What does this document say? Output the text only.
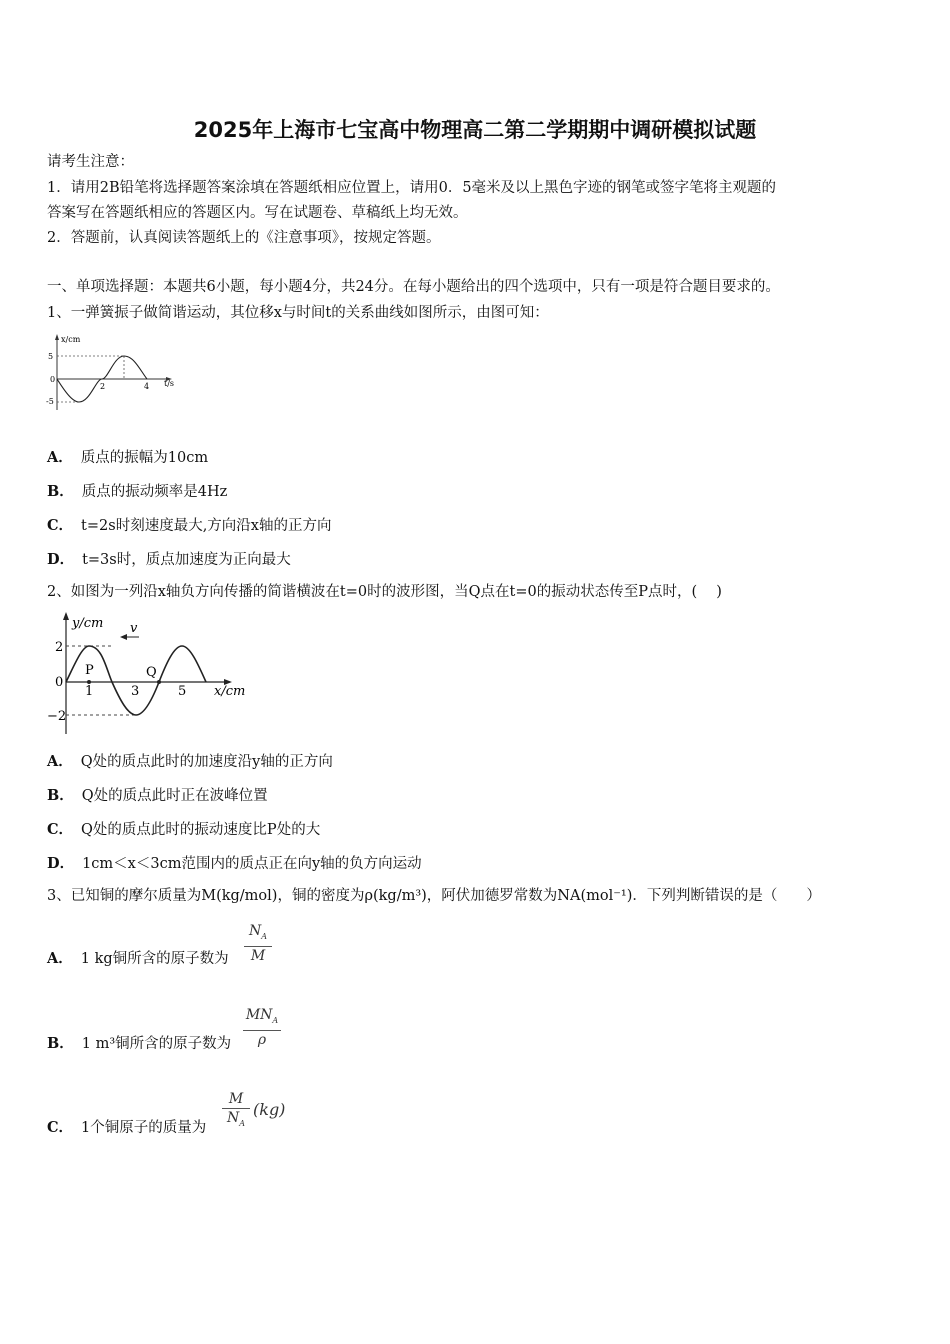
2025年上海市七宝高中物理高二第二学期期中调研模拟试题
请考生注意：
1．请用2B铅笔将选择题答案涂填在答题纸相应位置上，请用0．5毫米及以上黑色字迹的钢笔或签字笔将主观题的
答案写在答题纸相应的答题区内。写在试题卷、草稿纸上均无效。
2．答题前，认真阅读答题纸上的《注意事项》，按规定答题。
一、单项选择题：本题共6小题，每小题4分，共24分。在每小题给出的四个选项中，只有一项是符合题目要求的。
1、一弹簧振子做简谐运动，其位移x与时间t的关系曲线如图所示，由图可知：
x/cm
t/s
5
0
-5
2	4
A． 质点的振幅为10cm
B． 质点的振动频率是4Hz
C． t=2s时刻速度最大,方向沿x轴的正方向
D． t=3s时，质点加速度为正向最大
2、如图为一列沿x轴负方向传播的简谐横波在t=0时的波形图，当Q点在t=0的振动状态传至P点时，(　 )
v
P	Q
y/cm
x/cm
2
0
−2
1	3	5
A． Q处的质点此时的加速度沿y轴的正方向
B． Q处的质点此时正在波峰位置
C． Q处的质点此时的振动速度比P处的大
D． 1cm＜x＜3cm范围内的质点正在向y轴的负方向运动
3、已知铜的摩尔质量为M(kg/mol)，铜的密度为ρ(kg/m³)，阿伏加德罗常数为NA(mol⁻¹)．下列判断错误的是（　　）
A． 1 kg铜所含的原子数为
$N_A$
M
B． 1 m³铜所含的原子数为
$MN_A$
ρ
C． 1个铜原子的质量为
M
$N_A$
(kg)
